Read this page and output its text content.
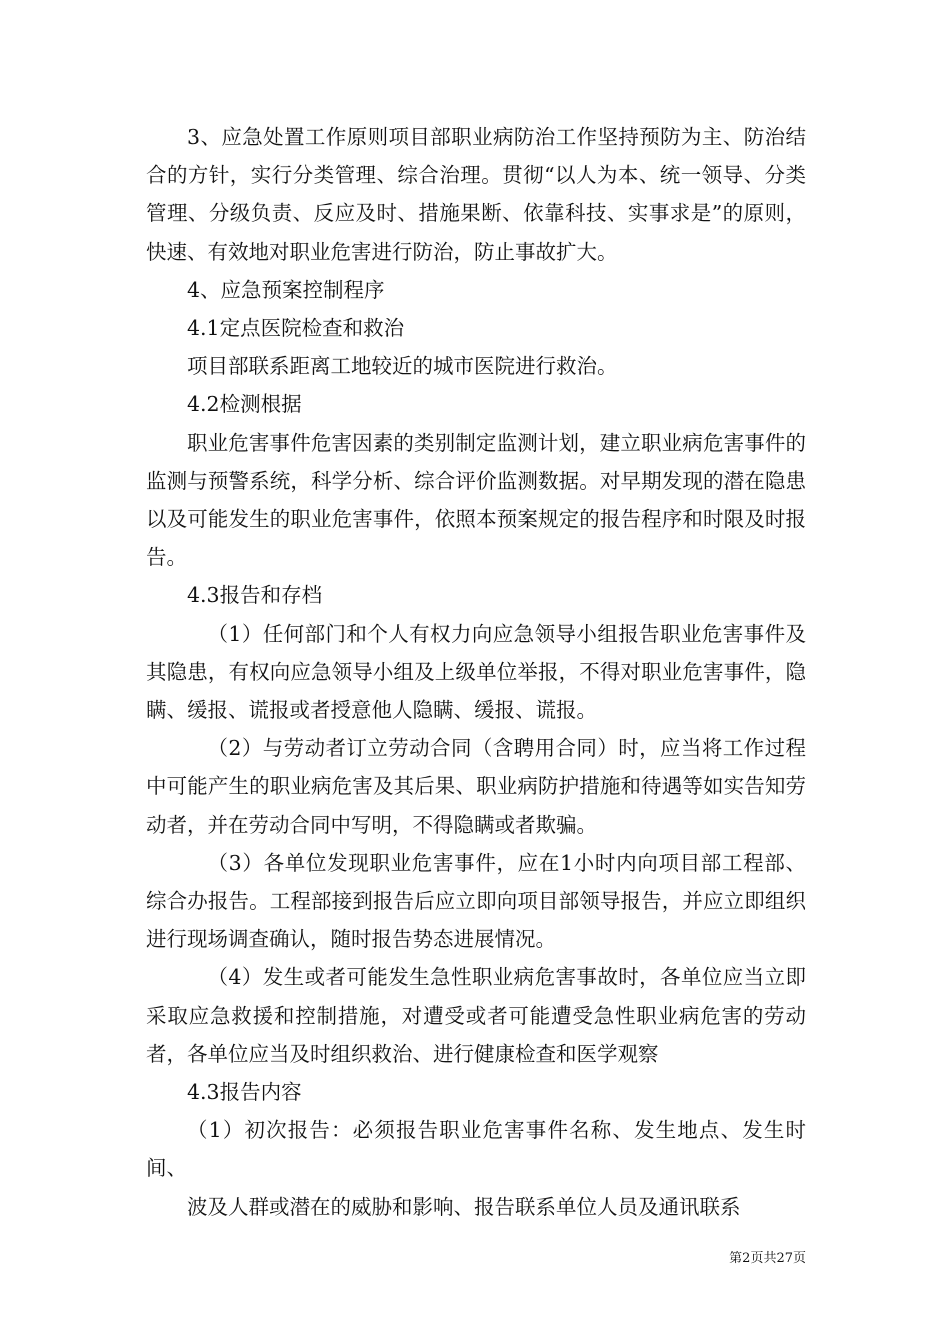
3、应急处置工作原则项目部职业病防治工作坚持预防为主、防治结合的方针，实行分类管理、综合治理。贯彻“以人为本、统一领导、分类管理、分级负责、反应及时、措施果断、依靠科技、实事求是”的原则，快速、有效地对职业危害进行防治，防止事故扩大。

4、应急预案控制程序

4.1定点医院检查和救治

项目部联系距离工地较近的城市医院进行救治。

4.2检测根据

职业危害事件危害因素的类别制定监测计划，建立职业病危害事件的监测与预警系统，科学分析、综合评价监测数据。对早期发现的潜在隐患以及可能发生的职业危害事件，依照本预案规定的报告程序和时限及时报告。

4.3报告和存档

（1）任何部门和个人有权力向应急领导小组报告职业危害事件及其隐患，有权向应急领导小组及上级单位举报，不得对职业危害事件，隐瞒、缓报、谎报或者授意他人隐瞒、缓报、谎报。

（2）与劳动者订立劳动合同（含聘用合同）时，应当将工作过程中可能产生的职业病危害及其后果、职业病防护措施和待遇等如实告知劳动者，并在劳动合同中写明，不得隐瞒或者欺骗。

（3）各单位发现职业危害事件，应在1小时内向项目部工程部、综合办报告。工程部接到报告后应立即向项目部领导报告，并应立即组织进行现场调查确认，随时报告势态进展情况。

（4）发生或者可能发生急性职业病危害事故时，各单位应当立即采取应急救援和控制措施，对遭受或者可能遭受急性职业病危害的劳动者，各单位应当及时组织救治、进行健康检查和医学观察

4.3报告内容

（1）初次报告：必须报告职业危害事件名称、发生地点、发生时间、

波及人群或潜在的威胁和影响、报告联系单位人员及通讯联系

第2页共27页
